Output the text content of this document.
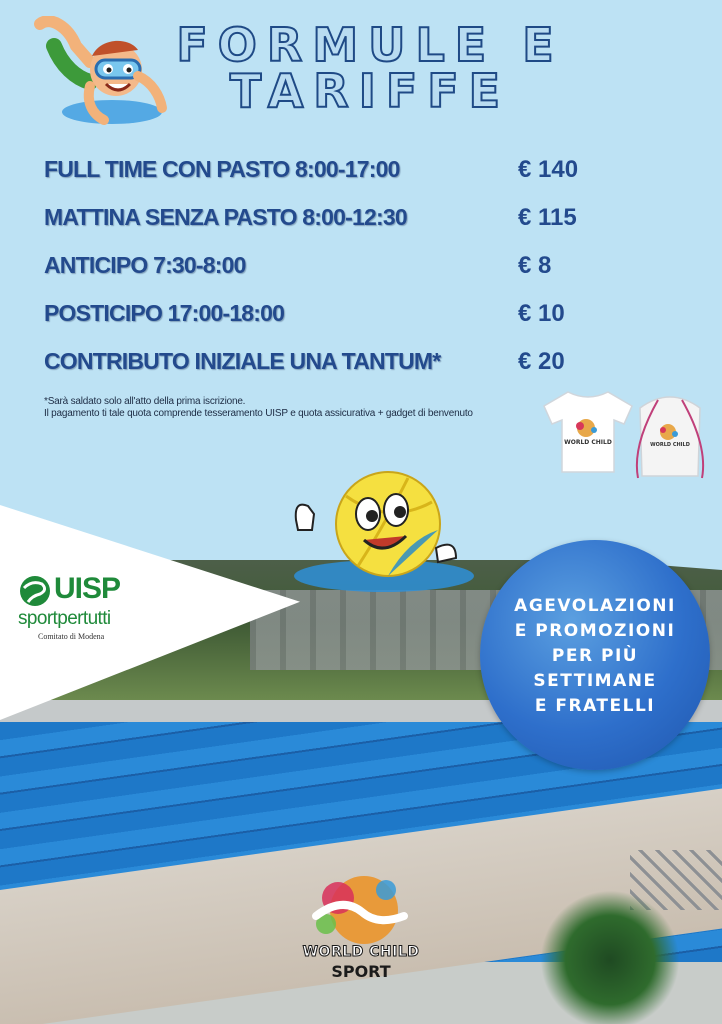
FORMULE E
TARIFFE
FULL TIME CON PASTO 8:00-17:00	€ 140
MATTINA SENZA PASTO 8:00-12:30	€ 115
ANTICIPO 7:30-8:00	€ 8
POSTICIPO 17:00-18:00	€ 10
CONTRIBUTO INIZIALE UNA TANTUM*	€ 20
*Sarà saldato solo all'atto della prima iscrizione.
Il pagamento ti tale quota comprende tesseramento UISP e quota assicurativa + gadget di benvenuto
WORLD CHILD	WORLD CHILD
UISP
sportpertutti
Comitato di Modena
AGEVOLAZIONI
E PROMOZIONI
PER PIÙ
SETTIMANE
E FRATELLI
WORLD CHILD
SPORT
